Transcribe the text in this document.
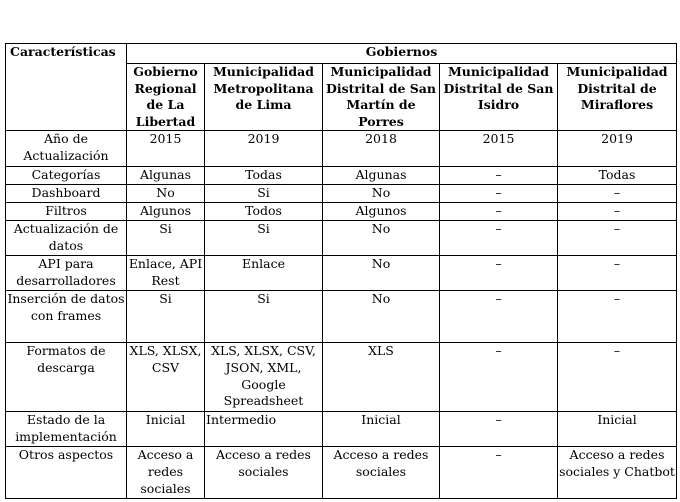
Características	Gobiernos				
	Gobierno Regional de La Libertad	Municipalidad Metropolitana de Lima	Municipalidad Distrital de San Martín de Porres	Municipalidad Distrital de San Isidro	Municipalidad Distrital de Miraflores
Año de Actualización	2015	2019	2018	2015	2019
Categorías	Algunas	Todas	Algunas	–	Todas
Dashboard	No	Si	No	–	–
Filtros	Algunos	Todos	Algunos	–	–
Actualización de datos	Si	Si	No	–	–
API para desarrolladores	Enlace, API Rest	Enlace	No	–	–
Inserción de datos con frames	Si	Si	No	–	–
Formatos de descarga	XLS, XLSX, CSV	XLS, XLSX, CSV, JSON, XML, Google Spreadsheet	XLS	–	–
Estado de la implementación	Inicial	Intermedio	Inicial	–	Inicial
Otros aspectos	Acceso a redes sociales	Acceso a redes sociales	Acceso a redes sociales	–	Acceso a redes sociales y Chatbot
